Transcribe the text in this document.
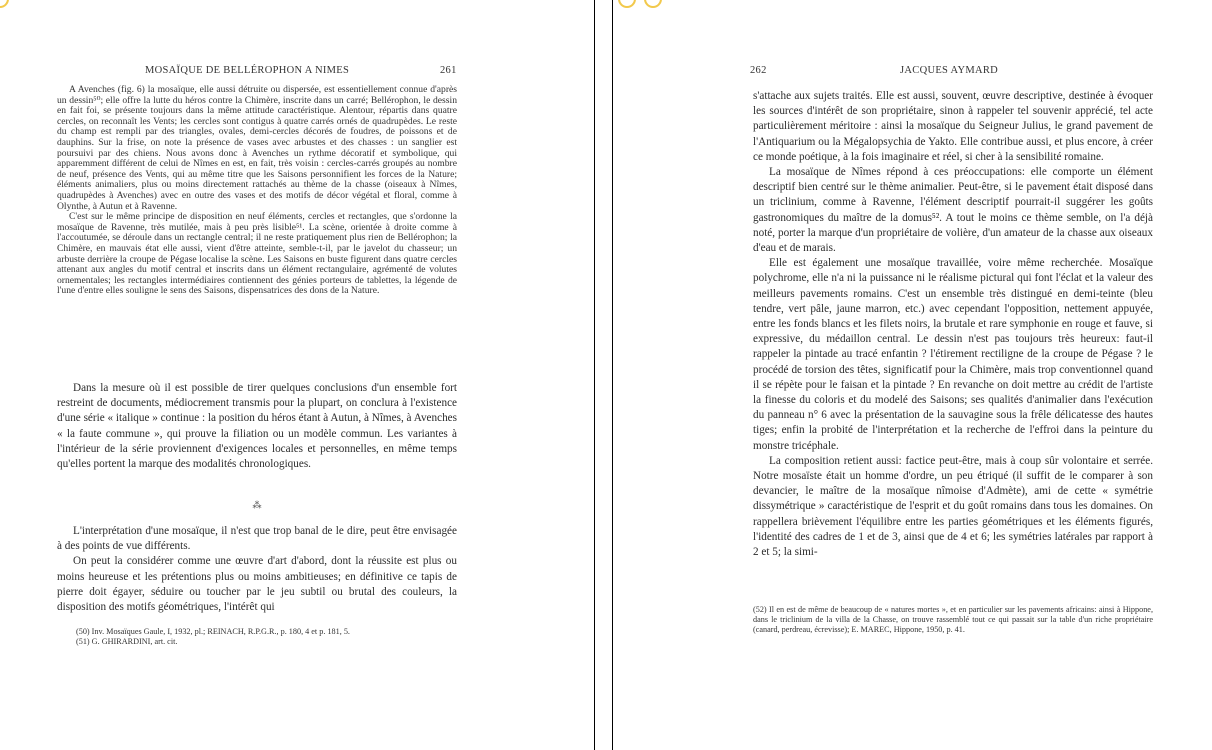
MOSAÏQUE DE BELLÉROPHON A NIMES	261

A Avenches (fig. 6) la mosaïque, elle aussi détruite ou dispersée, est essentiellement connue d'après un dessin⁵⁰; elle offre la lutte du héros contre la Chimère, inscrite dans un carré; Bellérophon, le dessin en fait foi, se présente toujours dans la même attitude caractéristique. Alentour, répartis dans quatre cercles, on reconnaît les Vents; les cercles sont contigus à quatre carrés ornés de quadrupèdes. Le reste du champ est rempli par des triangles, ovales, demi-cercles décorés de foudres, de poissons et de dauphins. Sur la frise, on note la présence de vases avec arbustes et des chasses : un sanglier est poursuivi par des chiens. Nous avons donc à Avenches un rythme décoratif et symbolique, qui apparemment différent de celui de Nîmes en est, en fait, très voisin : cercles-carrés groupés au nombre de neuf, présence des Vents, qui au même titre que les Saisons personnifient les forces de la Nature; éléments animaliers, plus ou moins directement rattachés au thème de la chasse (oiseaux à Nîmes, quadrupèdes à Avenches) avec en outre des vases et des motifs de décor végétal et floral, comme à Olynthe, à Autun et à Ravenne.

C'est sur le même principe de disposition en neuf éléments, cercles et rectangles, que s'ordonne la mosaïque de Ravenne, très mutilée, mais à peu près lisible⁵¹. La scène, orientée à droite comme à l'accoutumée, se déroule dans un rectangle central; il ne reste pratiquement plus rien de Bellérophon; la Chimère, en mauvais état elle aussi, vient d'être atteinte, semble-t-il, par le javelot du chasseur; un arbuste derrière la croupe de Pégase localise la scène. Les Saisons en buste figurent dans quatre cercles attenant aux angles du motif central et inscrits dans un élément rectangulaire, agrémenté de volutes ornementales; les rectangles intermédiaires contiennent des génies porteurs de tablettes, la légende de l'une d'entre elles souligne le sens des Saisons, dispensatrices des dons de la Nature.

Dans la mesure où il est possible de tirer quelques conclusions d'un ensemble fort restreint de documents, médiocrement transmis pour la plupart, on conclura à l'existence d'une série « italique » continue : la position du héros étant à Autun, à Nîmes, à Avenches « la faute commune », qui prouve la filiation ou un modèle commun. Les variantes à l'intérieur de la série proviennent d'exigences locales et personnelles, en même temps qu'elles portent la marque des modalités chronologiques.

⁂

L'interprétation d'une mosaïque, il n'est que trop banal de le dire, peut être envisagée à des points de vue différents.

On peut la considérer comme une œuvre d'art d'abord, dont la réussite est plus ou moins heureuse et les prétentions plus ou moins ambitieuses; en définitive ce tapis de pierre doit égayer, séduire ou toucher par le jeu subtil ou brutal des couleurs, la disposition des motifs géométriques, l'intérêt qui

(50) Inv. Mosaïques Gaule, I, 1932, pl.; REINACH, R.P.G.R., p. 180, 4 et p. 181, 5.

(51) G. GHIRARDINI, art. cit.

262	JACQUES AYMARD

s'attache aux sujets traités. Elle est aussi, souvent, œuvre descriptive, destinée à évoquer les sources d'intérêt de son propriétaire, sinon à rappeler tel souvenir apprécié, tel acte particulièrement méritoire : ainsi la mosaïque du Seigneur Julius, le grand pavement de l'Antiquarium ou la Mégalopsychia de Yakto. Elle contribue aussi, et plus encore, à créer ce monde poétique, à la fois imaginaire et réel, si cher à la sensibilité romaine.

La mosaïque de Nîmes répond à ces préoccupations: elle comporte un élément descriptif bien centré sur le thème animalier. Peut-être, si le pavement était disposé dans un triclinium, comme à Ravenne, l'élément descriptif pourrait-il suggérer les goûts gastronomiques du maître de la domus⁵². A tout le moins ce thème semble, on l'a déjà noté, porter la marque d'un propriétaire de volière, d'un amateur de la chasse aux oiseaux d'eau et de marais.

Elle est également une mosaïque travaillée, voire même recherchée. Mosaïque polychrome, elle n'a ni la puissance ni le réalisme pictural qui font l'éclat et la valeur des meilleurs pavements romains. C'est un ensemble très distingué en demi-teinte (bleu tendre, vert pâle, jaune marron, etc.) avec cependant l'opposition, nettement appuyée, entre les fonds blancs et les filets noirs, la brutale et rare symphonie en rouge et fauve, si expressive, du médaillon central. Le dessin n'est pas toujours très heureux: faut-il rappeler la pintade au tracé enfantin ? l'étirement rectiligne de la croupe de Pégase ? le procédé de torsion des têtes, significatif pour la Chimère, mais trop conventionnel quand il se répète pour le faisan et la pintade ? En revanche on doit mettre au crédit de l'artiste la finesse du coloris et du modelé des Saisons; ses qualités d'animalier dans l'exécution du panneau n° 6 avec la présentation de la sauvagine sous la frêle délicatesse des hautes tiges; enfin la probité de l'interprétation et la recherche de l'effroi dans la peinture du monstre tricéphale.

La composition retient aussi: factice peut-être, mais à coup sûr volontaire et serrée. Notre mosaïste était un homme d'ordre, un peu étriqué (il suffit de le comparer à son devancier, le maître de la mosaïque nîmoise d'Admète), ami de cette « symétrie dissymétrique » caractéristique de l'esprit et du goût romains dans tous les domaines. On rappellera brièvement l'équilibre entre les parties géométriques et les éléments figurés, l'identité des cadres de 1 et de 3, ainsi que de 4 et 6; les symétries latérales par rapport à 2 et 5; la simi-

(52) Il en est de même de beaucoup de « natures mortes », et en particulier sur les pavements africains: ainsi à Hippone, dans le triclinium de la villa de la Chasse, on trouve rassemblé tout ce qui passait sur la table d'un riche propriétaire (canard, perdreau, écrevisse); E. MAREC, Hippone, 1950, p. 41.
